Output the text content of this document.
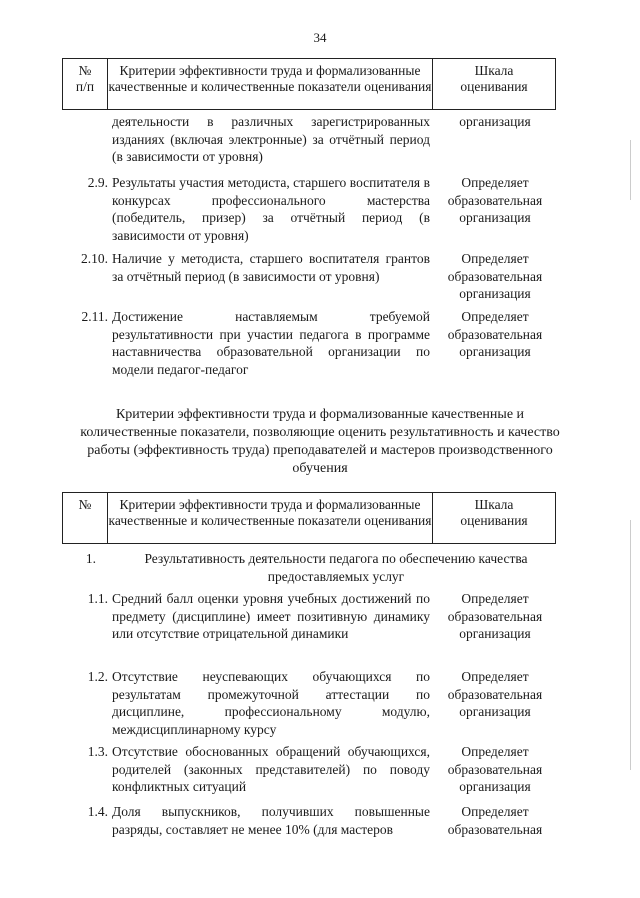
34
№
п/п
Критерии эффективности труда и формализованные качественные и количественные показатели оценивания
Шкала
оценивания
деятельности в различных зарегистрированных изданиях (включая электронные) за отчётный период (в зависимости от уровня)
организация
2.9. Результаты участия методиста, старшего воспитателя в конкурсах профессионального мастерства (победитель, призер) за отчётный период (в зависимости от уровня)
Определяет образовательная организация
2.10. Наличие у методиста, старшего воспитателя грантов за отчётный период (в зависимости от уровня)
Определяет образовательная организация
2.11. Достижение наставляемым требуемой результативности при участии педагога в программе наставничества образовательной организации по модели педагог-педагог
Определяет образовательная организация
Критерии эффективности труда и формализованные качественные и количественные показатели, позволяющие оценить результативность и качество работы (эффективность труда) преподавателей и мастеров производственного обучения
№	Критерии эффективности труда и формализованные качественные и количественные показатели оценивания
Шкала
оценивания
1.	Результативность деятельности педагога по обеспечению качества предоставляемых услуг
1.1. Средний балл оценки уровня учебных достижений по предмету (дисциплине) имеет позитивную динамику или отсутствие отрицательной динамики
Определяет образовательная организация
1.2. Отсутствие неуспевающих обучающихся по результатам промежуточной аттестации по дисциплине, профессиональному модулю, междисциплинарному курсу
Определяет образовательная организация
1.3. Отсутствие обоснованных обращений обучающихся, родителей (законных представителей) по поводу конфликтных ситуаций
Определяет образовательная организация
1.4. Доля выпускников, получивших повышенные разряды, составляет не менее 10% (для мастеров
Определяет образовательная
